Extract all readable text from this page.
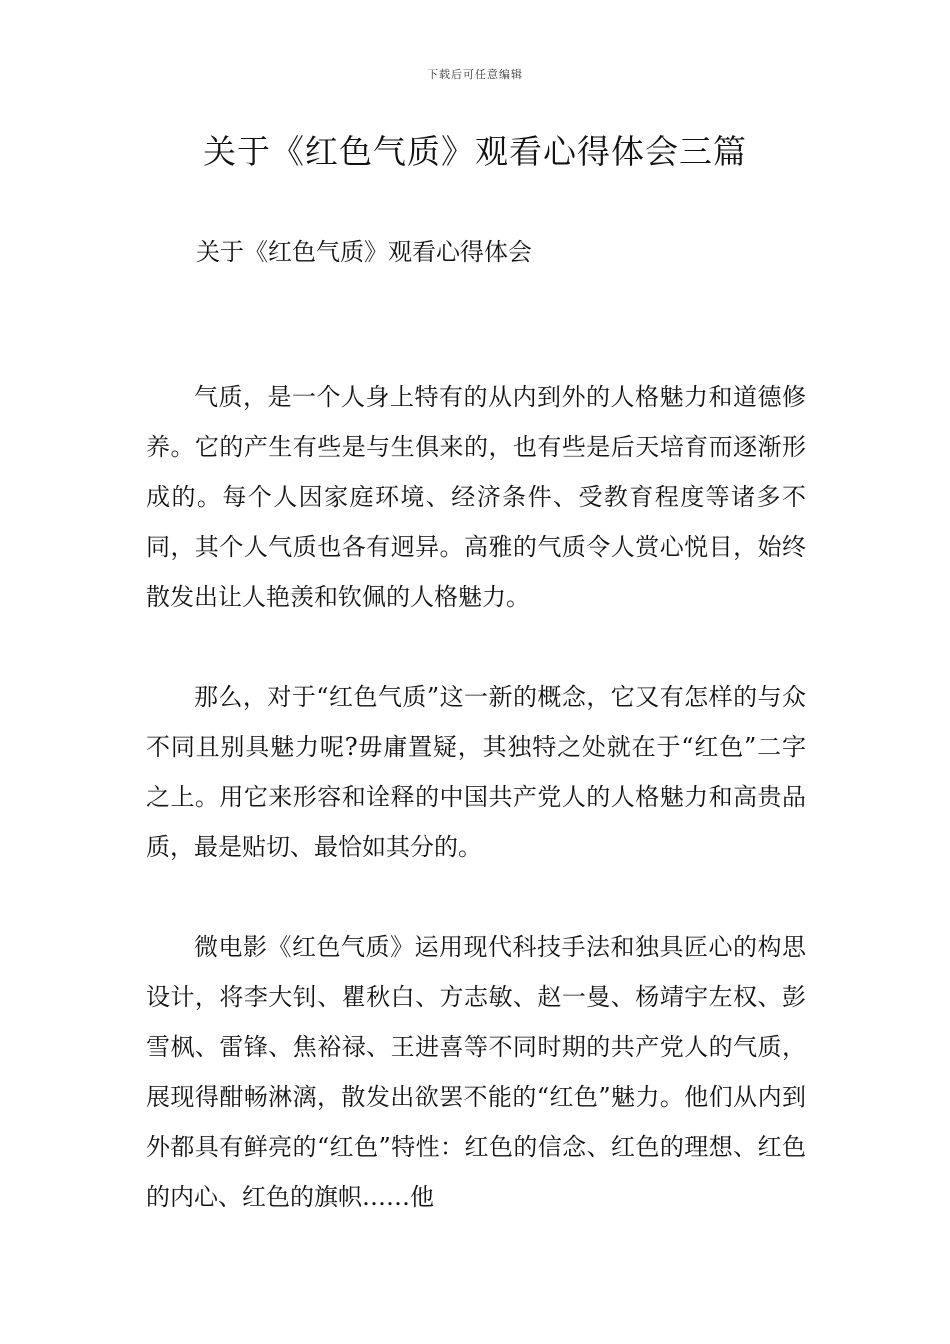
下载后可任意编辑
关于《红色气质》观看心得体会三篇
关于《红色气质》观看心得体会

气质，是一个人身上特有的从内到外的人格魅力和道德修养。它的产生有些是与生俱来的，也有些是后天培育而逐渐形成的。每个人因家庭环境、经济条件、受教育程度等诸多不同，其个人气质也各有迥异。高雅的气质令人赏心悦目，始终散发出让人艳羡和钦佩的人格魅力。

那么，对于“红色气质”这一新的概念，它又有怎样的与众不同且别具魅力呢?毋庸置疑，其独特之处就在于“红色”二字之上。用它来形容和诠释的中国共产党人的人格魅力和高贵品质，最是贴切、最恰如其分的。

微电影《红色气质》运用现代科技手法和独具匠心的构思设计，将李大钊、瞿秋白、方志敏、赵一曼、杨靖宇左权、彭雪枫、雷锋、焦裕禄、王进喜等不同时期的共产党人的气质，展现得酣畅淋漓，散发出欲罢不能的“红色”魅力。他们从内到外都具有鲜亮的“红色”特性：红色的信念、红色的理想、红色的内心、红色的旗帜……他
